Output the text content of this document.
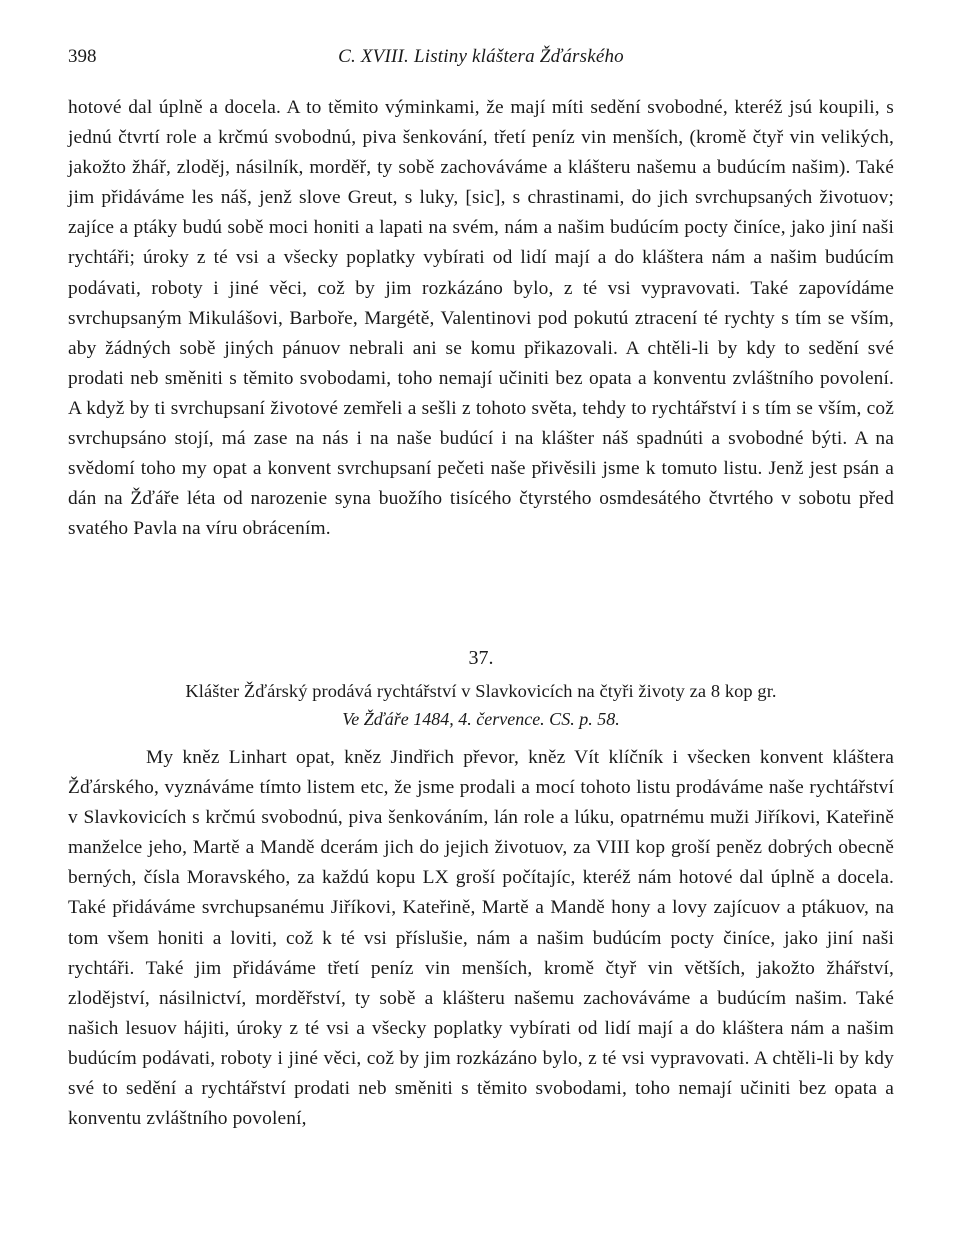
398	C. XVIII. Listiny kláštera Žďárského

hotové dal úplně a docela. A to těmito výminkami, že mají míti sedění svobodné, kteréž jsú koupili, s jednú čtvrtí role a krčmú svobodnú, piva šenkování, třetí peníz vin menších, (kromě čtyř vin velikých, jakožto žhář, zloděj, násilník, morděř, ty sobě zachováváme a klášteru našemu a budúcím našim). Také jim přidáváme les náš, jenž slove Greut, s luky, [sic], s chrastinami, do jich svrchupsaných životuov; zajíce a ptáky budú sobě moci honiti a lapati na svém, nám a našim budúcím pocty činíce, jako jiní naši rychtáři; úroky z té vsi a všecky poplatky vybírati od lidí mají a do kláštera nám a našim budúcím podávati, roboty i jiné věci, což by jim rozkázáno bylo, z té vsi vypravovati. Také zapovídáme svrchupsaným Mikulášovi, Barboře, Margétě, Valentinovi pod pokutú ztracení té rychty s tím se vším, aby žádných sobě jiných pánuov nebrali ani se komu přikazovali. A chtěli-li by kdy to sedění své prodati neb směniti s těmito svobodami, toho nemají učiniti bez opata a konventu zvláštního povolení. A když by ti svrchupsaní životové zemřeli a sešli z tohoto světa, tehdy to rychtářství i s tím se vším, což svrchupsáno stojí, má zase na nás i na naše budúcí i na klášter náš spadnúti a svobodné býti. A na svědomí toho my opat a konvent svrchupsaní pečeti naše přivěsili jsme k tomuto listu. Jenž jest psán a dán na Žďáře léta od narozenie syna buožího tisícého čtyrstého osmdesátého čtvrtého v sobotu před svatého Pavla na víru obrácením.

37.
Klášter Žďárský prodává rychtářství v Slavkovicích na čtyři životy za 8 kop gr.
Ve Žďáře 1484, 4. července. CS. p. 58.

My kněz Linhart opat, kněz Jindřich převor, kněz Vít klíčník i všecken konvent kláštera Žďárského, vyznáváme tímto listem etc, že jsme prodali a mocí tohoto listu prodáváme naše rychtářství v Slavkovicích s krčmú svobodnú, piva šenkováním, lán role a lúku, opatrnému muži Jiříkovi, Kateřině manželce jeho, Martě a Mandě dcerám jich do jejich životuov, za VIII kop groší peněz dobrých obecně berných, čísla Moravského, za každú kopu LX groší počítajíc, kteréž nám hotové dal úplně a docela. Také přidáváme svrchupsanému Jiříkovi, Kateřině, Martě a Mandě hony a lovy zajícuov a ptákuov, na tom všem honiti a loviti, což k té vsi příslušie, nám a našim budúcím pocty činíce, jako jiní naši rychtáři. Také jim přidáváme třetí peníz vin menších, kromě čtyř vin větších, jakožto žhářství, zlodějství, násilnictví, morděřství, ty sobě a klášteru našemu zachováváme a budúcím našim. Také našich lesuov hájiti, úroky z té vsi a všecky poplatky vybírati od lidí mají a do kláštera nám a našim budúcím podávati, roboty i jiné věci, což by jim rozkázáno bylo, z té vsi vypravovati. A chtěli-li by kdy své to sedění a rychtářství prodati neb směniti s těmito svobodami, toho nemají učiniti bez opata a konventu zvláštního povolení,
